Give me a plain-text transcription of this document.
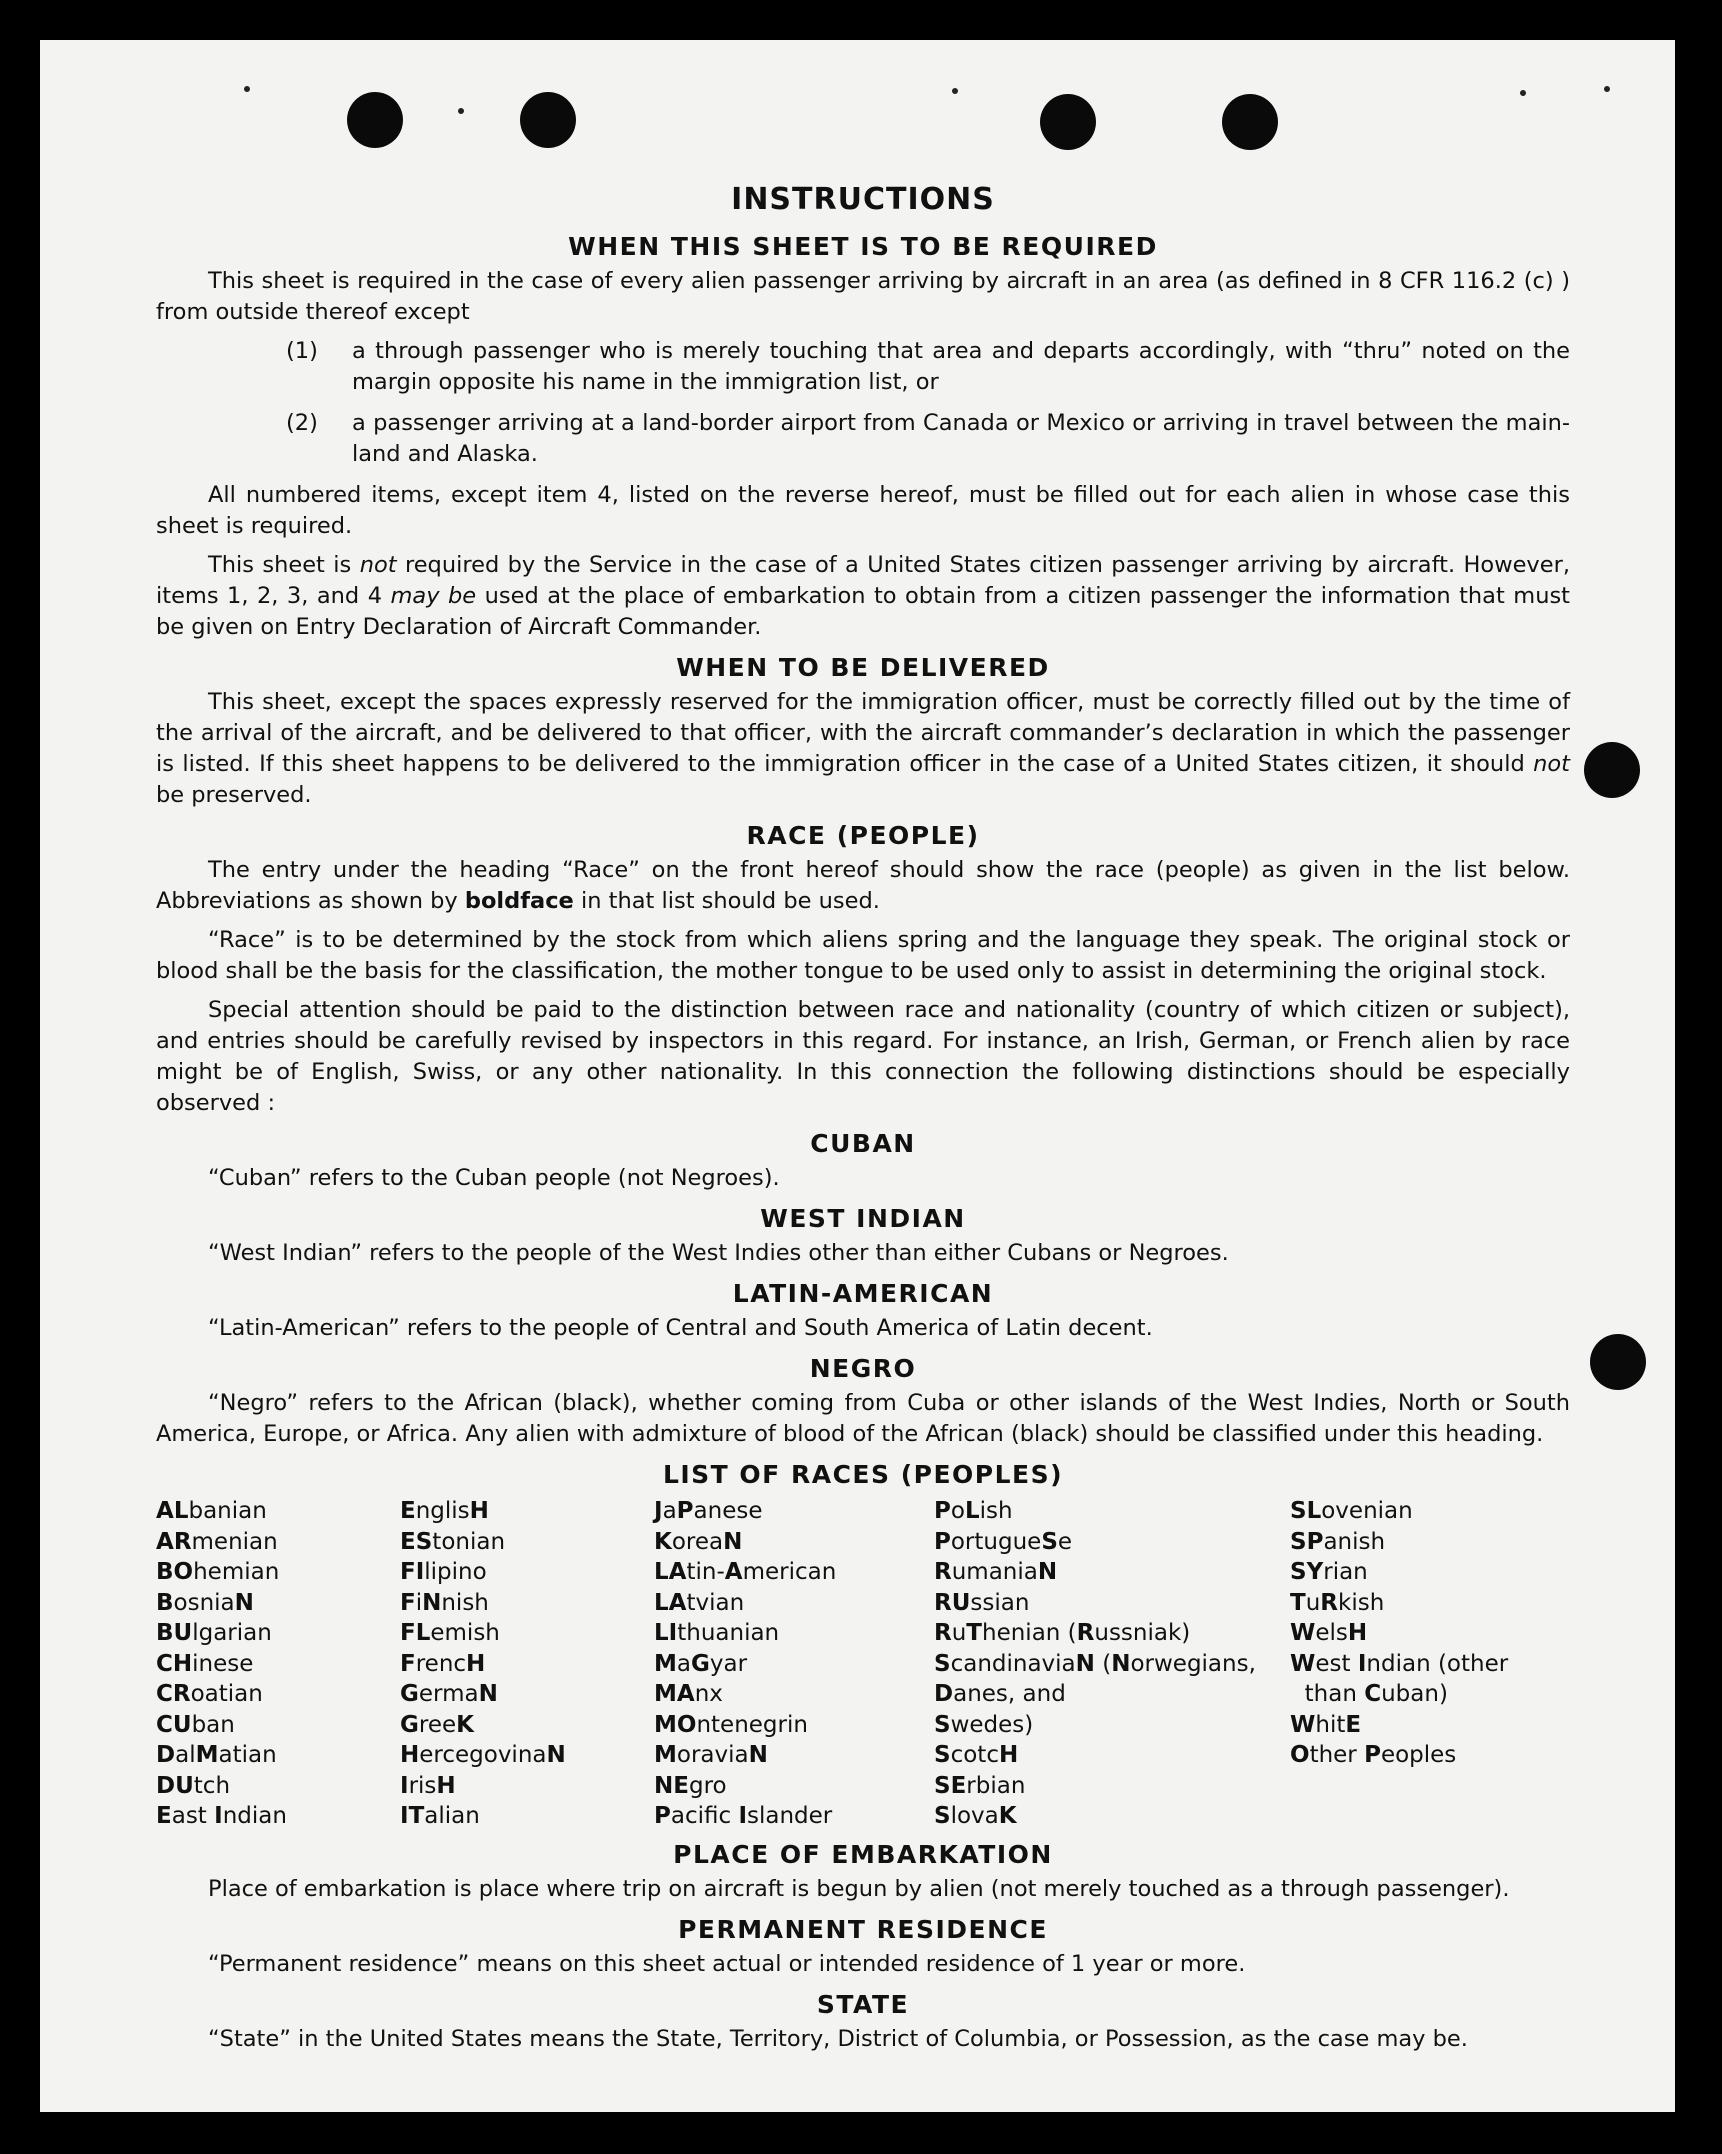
INSTRUCTIONS
WHEN THIS SHEET IS TO BE REQUIRED

This sheet is required in the case of every alien passenger arriving by aircraft in an area (as defined in 8 CFR 116.2 (c) ) from outside thereof except

(1)	a through passenger who is merely touching that area and departs accordingly, with “thru” noted on the margin opposite his name in the immigration list, or
(2)	a passenger arriving at a land-border airport from Canada or Mexico or arriving in travel between the main-land and Alaska.

All numbered items, except item 4, listed on the reverse hereof, must be filled out for each alien in whose case this sheet is required.

This sheet is not required by the Service in the case of a United States citizen passenger arriving by aircraft. However, items 1, 2, 3, and 4 may be used at the place of embarkation to obtain from a citizen passenger the information that must be given on Entry Declaration of Aircraft Commander.

WHEN TO BE DELIVERED

This sheet, except the spaces expressly reserved for the immigration officer, must be correctly filled out by the time of the arrival of the aircraft, and be delivered to that officer, with the aircraft commander’s declaration in which the passenger is listed. If this sheet happens to be delivered to the immigration officer in the case of a United States citizen, it should not be preserved.

RACE (PEOPLE)

The entry under the heading “Race” on the front hereof should show the race (people) as given in the list below. Abbreviations as shown by boldface in that list should be used.

“Race” is to be determined by the stock from which aliens spring and the language they speak. The original stock or blood shall be the basis for the classification, the mother tongue to be used only to assist in determining the original stock.

Special attention should be paid to the distinction between race and nationality (country of which citizen or subject), and entries should be carefully revised by inspectors in this regard. For instance, an Irish, German, or French alien by race might be of English, Swiss, or any other nationality. In this connection the following distinctions should be especially observed :

CUBAN

“Cuban” refers to the Cuban people (not Negroes).

WEST INDIAN

“West Indian” refers to the people of the West Indies other than either Cubans or Negroes.

LATIN-AMERICAN

“Latin-American” refers to the people of Central and South America of Latin decent.

NEGRO

“Negro” refers to the African (black), whether coming from Cuba or other islands of the West Indies, North or South America, Europe, or Africa. Any alien with admixture of blood of the African (black) should be classified under this heading.

LIST OF RACES (PEOPLES)
ALbanian
ARmenian
BOhemian
BosniaN
BUlgarian
CHinese
CRoatian
CUban
DalMatian
DUtch
East Indian
EnglisH
EStonian
FIlipino
FiNnish
FLemish
FrencH
GermaN
GreeK
HercegovinaN
IrisH
ITalian
JaPanese
KoreaN
LAtin-American
LAtvian
LIthuanian
MaGyar
MAnx
MOntenegrin
MoraviaN
NEgro
Pacific Islander
PoLish
PortugueSe
RumaniaN
RUssian
RuThenian (Russniak)
ScandinaviaN (Norwegians,
Danes, and
Swedes)
ScotcH
SErbian
SlovaK
SLovenian
SPanish
SYrian
TuRkish
WelsH
West Indian (other
than Cuban)
WhitE
Other Peoples
PLACE OF EMBARKATION

Place of embarkation is place where trip on aircraft is begun by alien (not merely touched as a through passenger).

PERMANENT RESIDENCE

“Permanent residence” means on this sheet actual or intended residence of 1 year or more.

STATE

“State” in the United States means the State, Territory, District of Columbia, or Possession, as the case may be.
